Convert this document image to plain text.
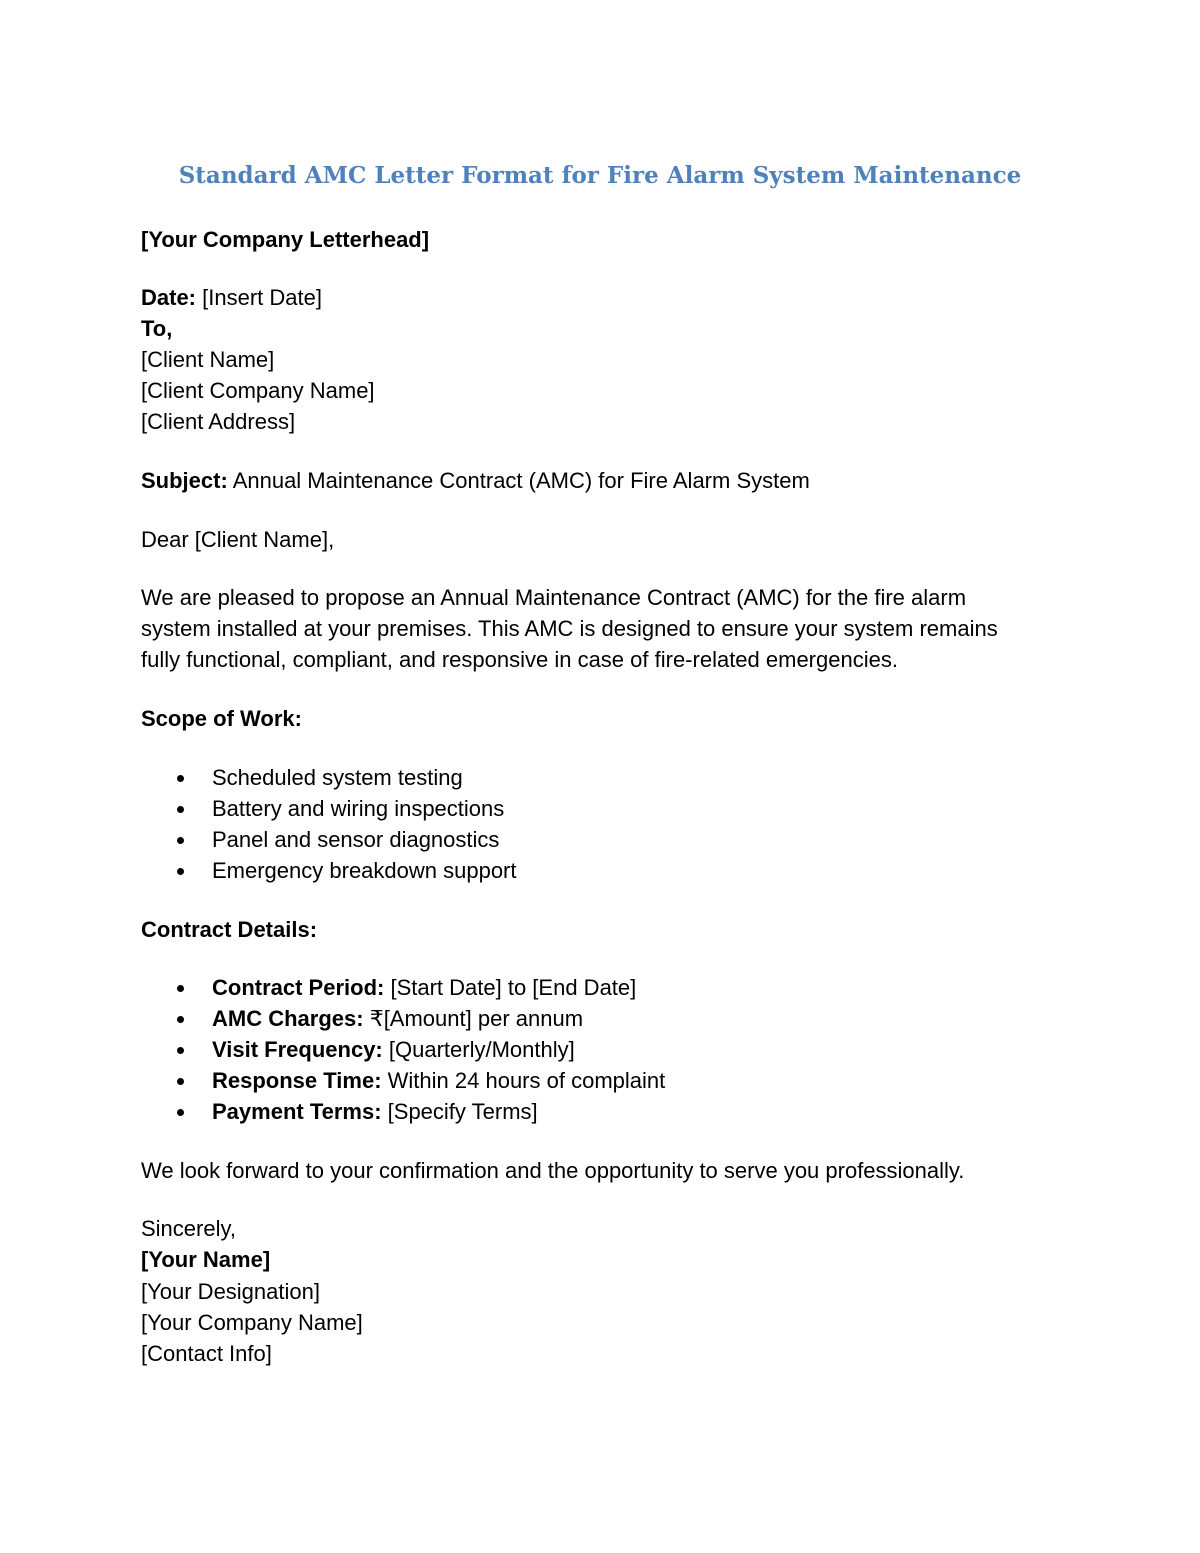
Standard AMC Letter Format for Fire Alarm System Maintenance
[Your Company Letterhead]
Date: [Insert Date]
To,
[Client Name]
[Client Company Name]
[Client Address]
Subject: Annual Maintenance Contract (AMC) for Fire Alarm System
Dear [Client Name],
We are pleased to propose an Annual Maintenance Contract (AMC) for the fire alarm
system installed at your premises. This AMC is designed to ensure your system remains
fully functional, compliant, and responsive in case of fire-related emergencies.
Scope of Work:
Scheduled system testing
Battery and wiring inspections
Panel and sensor diagnostics
Emergency breakdown support
Contract Details:
Contract Period: [Start Date] to [End Date]
AMC Charges: ₹[Amount] per annum
Visit Frequency: [Quarterly/Monthly]
Response Time: Within 24 hours of complaint
Payment Terms: [Specify Terms]
We look forward to your confirmation and the opportunity to serve you professionally.
Sincerely,
[Your Name]
[Your Designation]
[Your Company Name]
[Contact Info]
